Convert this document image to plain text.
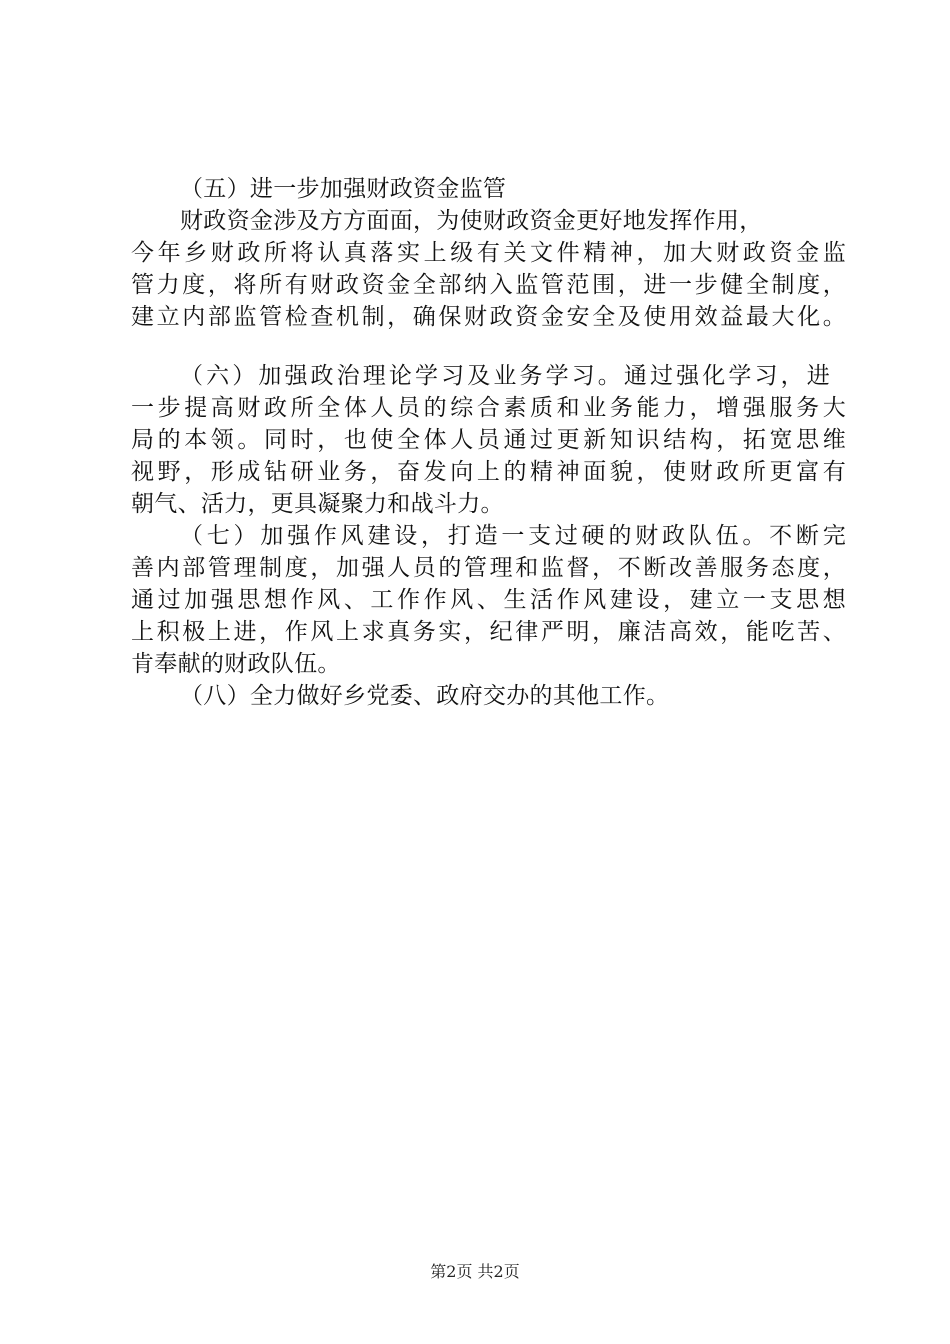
（五）进一步加强财政资金监管
财政资金涉及方方面面，为使财政资金更好地发挥作用，
今年乡财政所将认真落实上级有关文件精神，加大财政资金监
管力度，将所有财政资金全部纳入监管范围，进一步健全制度，
建立内部监管检查机制，确保财政资金安全及使用效益最大化。
（六）加强政治理论学习及业务学习。通过强化学习，进
一步提高财政所全体人员的综合素质和业务能力，增强服务大
局的本领。同时，也使全体人员通过更新知识结构，拓宽思维
视野，形成钻研业务，奋发向上的精神面貌，使财政所更富有
朝气、活力，更具凝聚力和战斗力。
（七）加强作风建设，打造一支过硬的财政队伍。不断完
善内部管理制度，加强人员的管理和监督，不断改善服务态度，
通过加强思想作风、工作作风、生活作风建设，建立一支思想
上积极上进，作风上求真务实，纪律严明，廉洁高效，能吃苦、
肯奉献的财政队伍。
（八）全力做好乡党委、政府交办的其他工作。
第2页 共2页
